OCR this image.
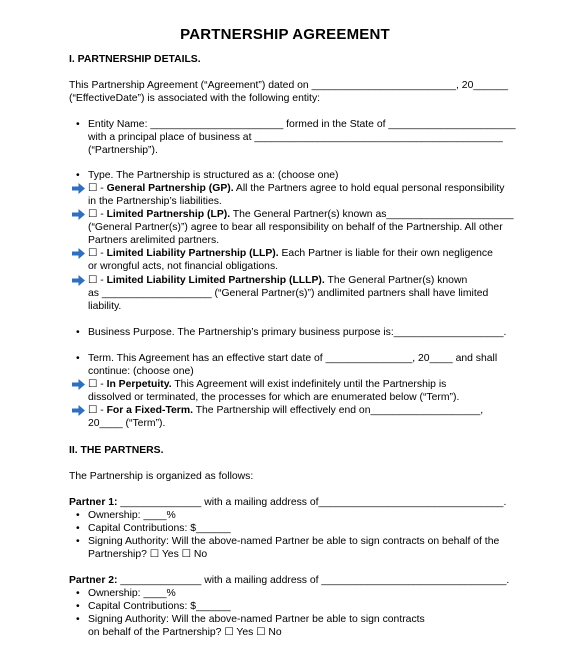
PARTNERSHIP AGREEMENT
I. PARTNERSHIP DETAILS.
This Partnership Agreement (“Agreement”) dated on _________________________, 20______
(“EffectiveDate”) is associated with the following entity:
• Entity Name: _______________________ formed in the State of ______________________
with a principal place of business at ___________________________________________
(“Partnership”).
• Type. The Partnership is structured as a: (choose one)
☐ - General Partnership (GP). All the Partners agree to hold equal personal responsibility
in the Partnership’s liabilities.
☐ - Limited Partnership (LP). The General Partner(s) known as______________________
(“General Partner(s)”) agree to bear all responsibility on behalf of the Partnership. All other
Partners arelimited partners.
☐ - Limited Liability Partnership (LLP). Each Partner is liable for their own negligence
or wrongful acts, not financial obligations.
☐ - Limited Liability Limited Partnership (LLLP). The General Partner(s) known
as ___________________ (“General Partner(s)”) andlimited partners shall have limited
liability.
• Business Purpose. The Partnership’s primary business purpose is:___________________.
• Term. This Agreement has an effective start date of _______________, 20____ and shall
continue: (choose one)
☐ - In Perpetuity. This Agreement will exist indefinitely until the Partnership is
dissolved or terminated, the processes for which are enumerated below (“Term”).
☐ - For a Fixed-Term. The Partnership will effectively end on___________________,
20____ (“Term”).
II. THE PARTNERS.
The Partnership is organized as follows:
Partner 1: ______________ with a mailing address of________________________________.
• Ownership: ____%
• Capital Contributions: $______
• Signing Authority: Will the above-named Partner be able to sign contracts on behalf of the
Partnership? ☐ Yes ☐ No
Partner 2: ______________ with a mailing address of ________________________________.
• Ownership: ____%
• Capital Contributions: $______
• Signing Authority: Will the above-named Partner be able to sign contracts
on behalf of the Partnership? ☐ Yes ☐ No
